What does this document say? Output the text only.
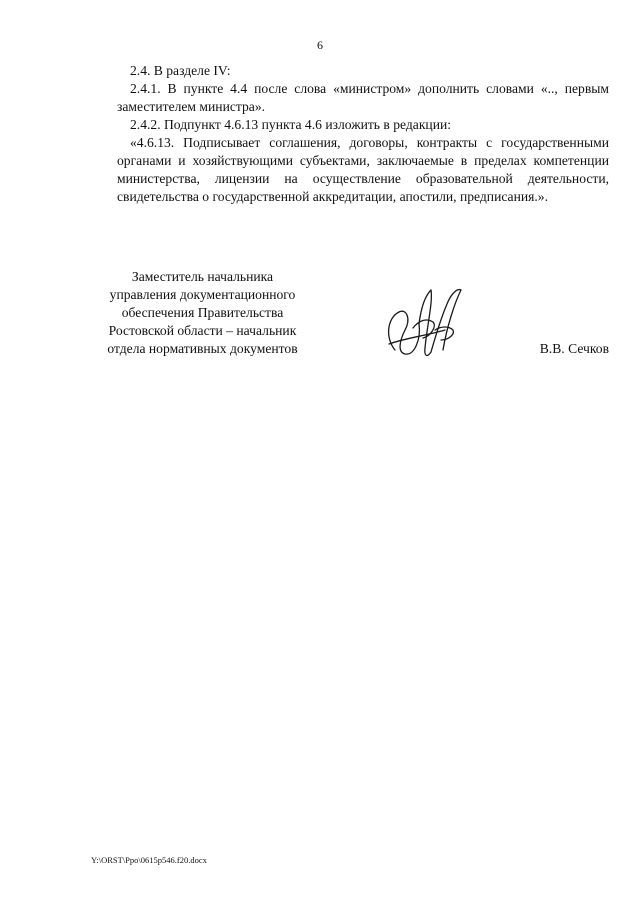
6

2.4. В разделе IV:

2.4.1. В пункте 4.4 после слова «министром» дополнить словами «.., первым заместителем министра».

2.4.2. Подпункт 4.6.13 пункта 4.6 изложить в редакции:

«4.6.13. Подписывает соглашения, договоры, контракты с государственными органами и хозяйствующими субъектами, заключаемые в пределах компетенции министерства, лицензии на осуществление образовательной деятельности, свидетельства о государственной аккредитации, апостили, предписания.».

Заместитель начальника
управления документационного
обеспечения Правительства
Ростовской области – начальник
отдела нормативных документов	В.В. Сечков
Y:\ORST\Ppo\0615p546.f20.docx
